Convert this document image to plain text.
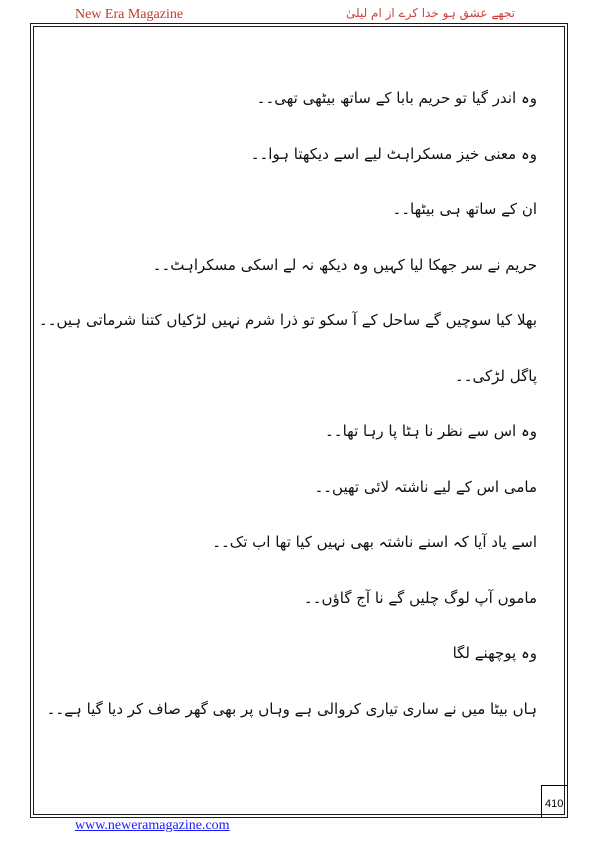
New Era Magazine	تجھے عشق ہو خدا کرے از ام لیلیٰ
وہ اندر گیا تو حریم بابا کے ساتھ بیٹھی تھی۔۔
وہ معنی خیز مسکراہٹ لیے اسے دیکھتا ہوا۔۔
ان کے ساتھ ہی بیٹھا۔۔
حریم نے سر جھکا لیا کہیں وہ دیکھ نہ لے اسکی مسکراہٹ۔۔
بھلا کیا سوچیں گے ساحل کے آ سکو تو ذرا شرم نہیں لڑکیاں کتنا شرماتی ہیں۔۔
پاگل لڑکی۔۔
وہ اس سے نظر نا ہٹا پا رہا تھا۔۔
مامی اس کے لیے ناشتہ لائی تھیں۔۔
اسے یاد آیا کہ اسنے ناشتہ بھی نہیں کیا تھا اب تک۔۔
ماموں آپ لوگ چلیں گے نا آج گاؤں۔۔
وہ پوچھنے لگا
ہاں بیٹا میں نے ساری تیاری کروالی ہے وہاں پر بھی گھر صاف کر دیا گیا ہے۔۔
410
www.neweramagazine.com
